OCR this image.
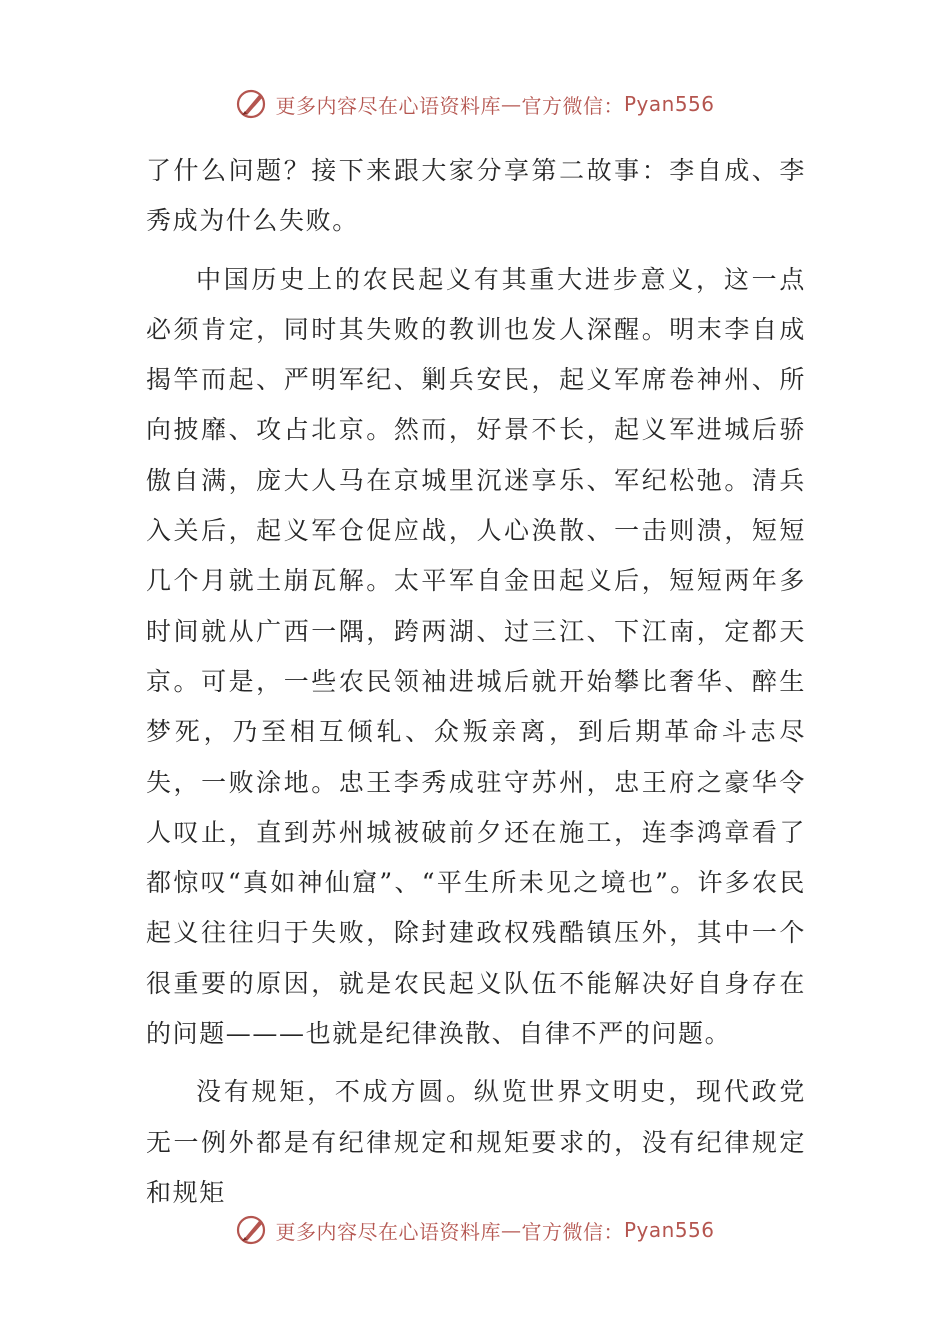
更多内容尽在心语资料库 — 官方微信： Pyan556

了什么问题？接下来跟大家分享第二故事：李自成、李秀成为什么失败。

中国历史上的农民起义有其重大进步意义，这一点必须肯定，同时其失败的教训也发人深醒。明末李自成揭竿而起、严明军纪、剿兵安民，起义军席卷神州、所向披靡、攻占北京。然而，好景不长，起义军进城后骄傲自满，庞大人马在京城里沉迷享乐、军纪松弛。清兵入关后，起义军仓促应战，人心涣散、一击则溃，短短几个月就土崩瓦解。太平军自金田起义后，短短两年多时间就从广西一隅，跨两湖、过三江、下江南，定都天京。可是，一些农民领袖进城后就开始攀比奢华、醉生梦死，乃至相互倾轧、众叛亲离，到后期革命斗志尽失，一败涂地。忠王李秀成驻守苏州，忠王府之豪华令人叹止，直到苏州城被破前夕还在施工，连李鸿章看了都惊叹“真如神仙窟”、“平生所未见之境也”。许多农民起义往往归于失败，除封建政权残酷镇压外，其中一个很重要的原因，就是农民起义队伍不能解决好自身存在的问题———也就是纪律涣散、自律不严的问题。

没有规矩，不成方圆。纵览世界文明史，现代政党无一例外都是有纪律规定和规矩要求的，没有纪律规定和规矩

更多内容尽在心语资料库 — 官方微信： Pyan556
